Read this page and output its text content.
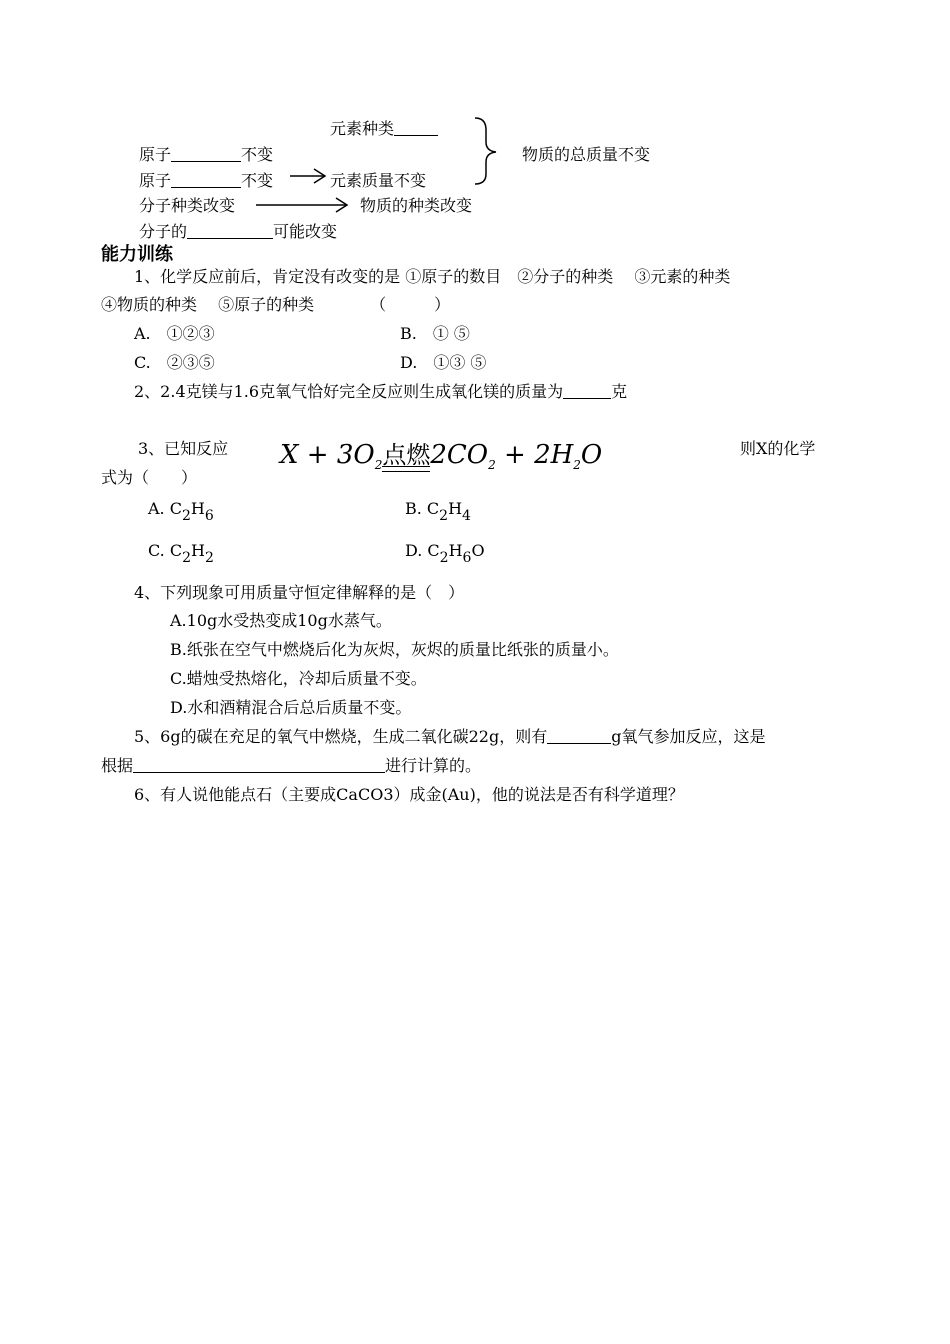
元素种类
物质的总质量不变
原子	不变
原子	不变	元素质量不变
分子种类改变	物质的种类改变
分子的	可能改变
能力训练
1、化学反应前后，肯定没有改变的是 ①原子的数目　②分子的种类　 ③元素的种类
④物质的种类　 ⑤原子的种类　　　　（　　　）
A.　①②③	B.　① ⑤
C.　②③⑤	D.　①③ ⑤
2、2.4克镁与1.6克氧气恰好完全反应则生成氧化镁的质量为	克
3、已知反应 $X + 3O_2$点燃$2CO_2 + 2H_2O$	则X的化学
式为（　　）
A. $C_2H_6$	B. $C_2H_4$
C. $C_2H_2$	D. $C_2H_6O$
4、下列现象可用质量守恒定律解释的是（　）
A.10g水受热变成10g水蒸气。
B.纸张在空气中燃烧后化为灰烬，灰烬的质量比纸张的质量小。
C.蜡烛受热熔化，冷却后质量不变。
D.水和酒精混合后总后质量不变。
5、6g的碳在充足的氧气中燃烧，生成二氧化碳22g，则有	g氧气参加反应，这是
根据	进行计算的。
6、有人说他能点石（主要成CaCO3）成金(Au)，他的说法是否有科学道理？
